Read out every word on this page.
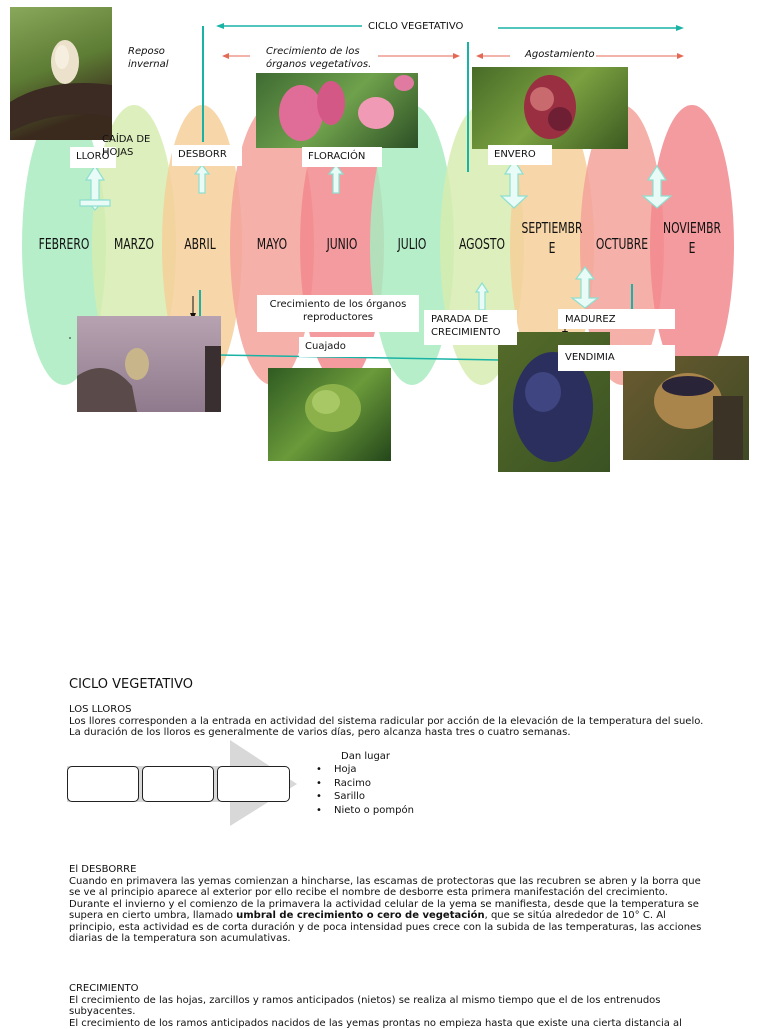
FEBRERO	MARZO	ABRIL	MAYO	JUNIO	JULIO	AGOSTO
SEPTIEMBR
E	OCTUBRE
NOVIEMBR
E
CICLO VEGETATIVO
Reposo
invernal
Crecimiento de los
órganos vegetativos.
Agostamiento
LLORO
CAÍDA DE
HOJAS	DESBORR	FLORACIÓN	ENVERO
Crecimiento de los órganos
reproductores
Cuajado
PARADA DE
CRECIMIENTO
MADUREZ
VENDIMIA
CICLO VEGETATIVO

LOS LLOROS

Los llores corresponden a la entrada en actividad del sistema radicular por acción de la elevación de la temperatura del suelo. La duración de los lloros es generalmente de varios días, pero alcanza hasta tres o cuatro semanas.

Dan lugar
• Hoja
• Racimo
• Sarillo
• Nieto o pompón

El DESBORRE

Cuando en primavera las yemas comienzan a hincharse, las escamas de protectoras que las recubren se abren y la borra que se ve al principio aparece al exterior por ello recibe el nombre de desborre esta primera manifestación del crecimiento.

Durante el invierno y el comienzo de la primavera la actividad celular de la yema se manifiesta, desde que la temperatura se supera en cierto umbra, llamado umbral de crecimiento o cero de vegetación, que se sitúa alrededor de 10° C. Al principio, esta actividad es de corta duración y de poca intensidad pues crece con la subida de las temperaturas, las acciones diarias de la temperatura son acumulativas.

CRECIMIENTO

El crecimiento de las hojas, zarcillos y ramos anticipados (nietos) se realiza al mismo tiempo que el de los entrenudos subyacentes.

El crecimiento de los ramos anticipados nacidos de las yemas prontas no empieza hasta que existe una cierta distancia al
